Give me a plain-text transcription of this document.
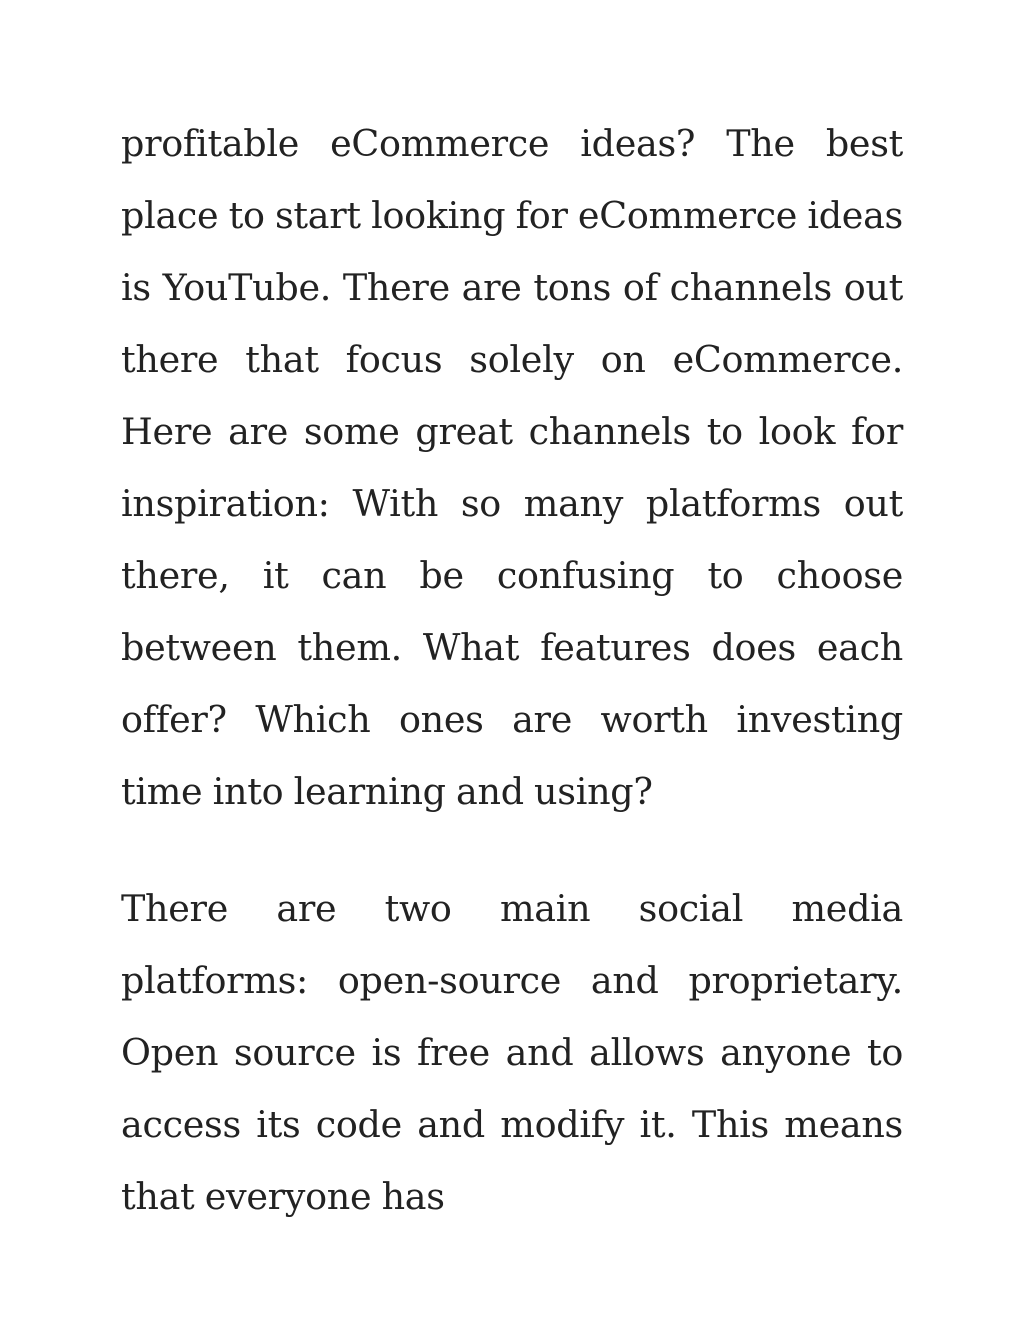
profitable eCommerce ideas? The best place to start looking for eCommerce ideas is YouTube. There are tons of channels out there that focus solely on eCommerce. Here are some great channels to look for inspiration: With so many platforms out there, it can be confusing to choose between them. What features does each offer? Which ones are worth investing time into learning and using?

There are two main social media platforms: open-source and proprietary. Open source is free and allows anyone to access its code and modify it. This means that everyone has
